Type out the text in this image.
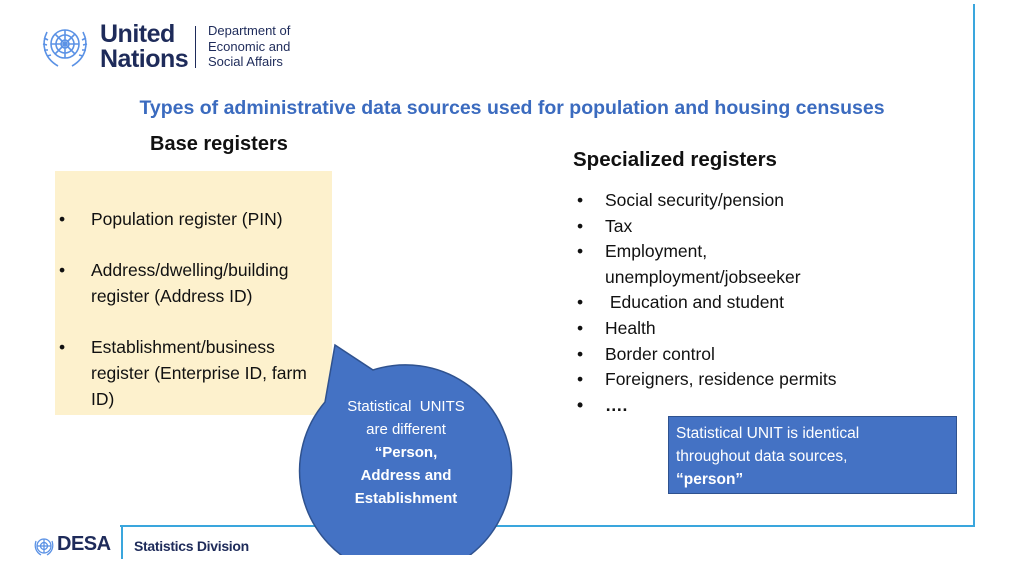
United
Nations
Department of
Economic and
Social Affairs
Types of administrative data sources used for population and housing censuses
Base registers
Specialized registers
• Population register (PIN)
• Address/dwelling/building register (Address ID)
• Establishment/business register (Enterprise ID, farm ID)
• Social security/pension
• Tax
• Employment, unemployment/jobseeker
•  Education and student
• Health
• Border control
• Foreigners, residence permits
• ….
Statistical  UNITS
are different
“Person,
Address and
Establishment
Statistical UNIT is identical
throughout data sources,
“person”
DESA Statistics Division
